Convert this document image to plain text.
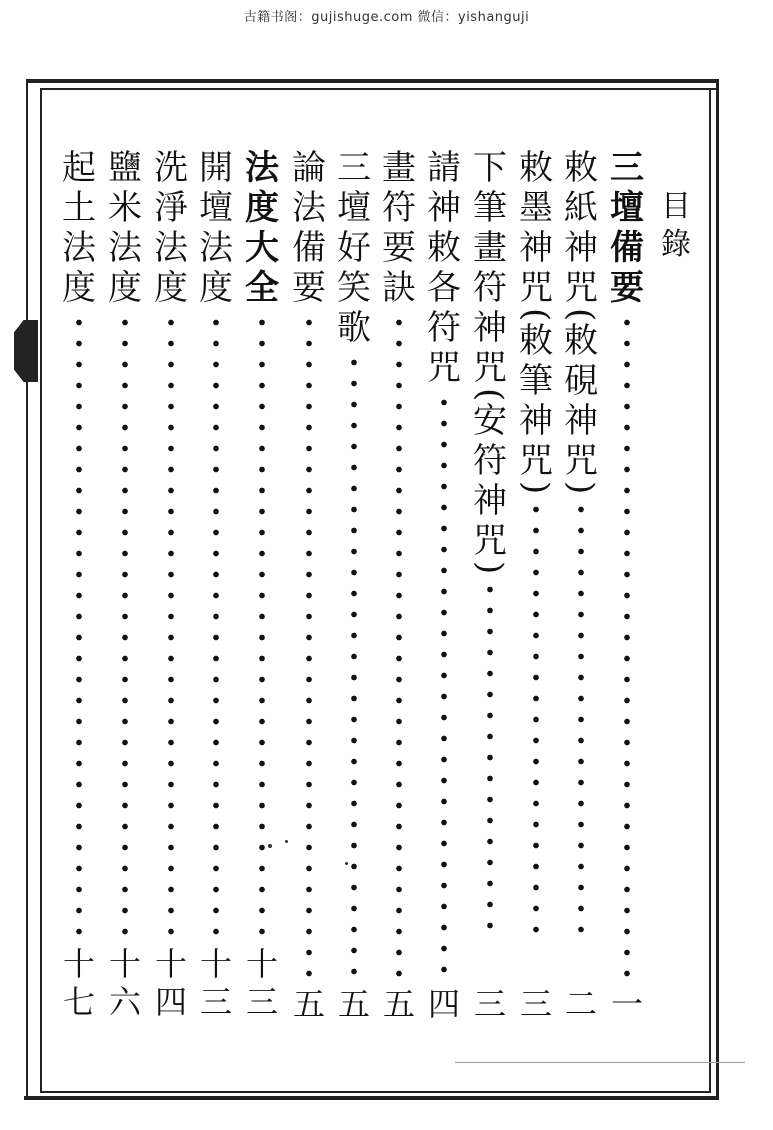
古籍书阁：gujishuge.com 微信：yishanguji
目錄
三
壇
備
要
一
敕
紙
神
咒
(
敕
硯
神
咒
)
二
敕
墨
神
咒
(
敕
筆
神
咒
)
三
下
筆
畫
符
神
咒
(
安
符
神
咒
)
三
請
神
敕
各
符
咒
四
畫
符
要
訣
五
三
壇
好
笑
歌
五
論
法
備
要
五
法
度
大
全
十
三
開
壇
法
度
十
三
洗
淨
法
度
十
四
鹽
米
法
度
十
六
起
土
法
度
十
七
